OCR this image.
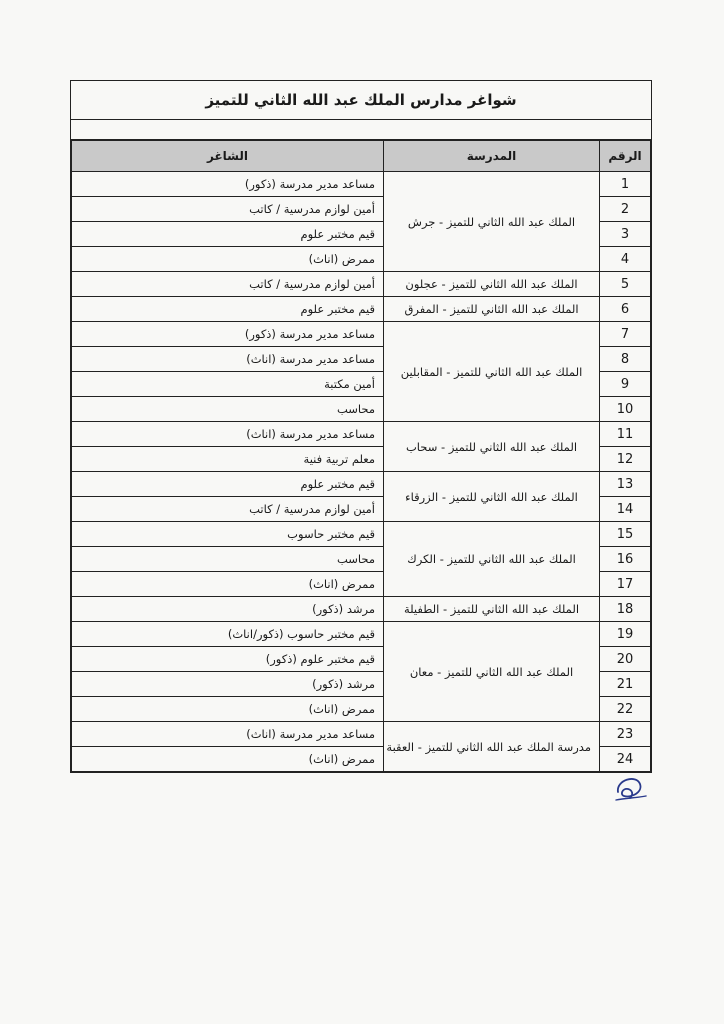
شواغر مدارس الملك عبد الله الثاني للتميز
الرقم	المدرسة	الشاغر
1	الملك عبد الله الثاني للتميز - جرش	مساعد مدير مدرسة (ذكور)
2		أمين لوازم مدرسية / كاتب
3		قيم مختبر علوم
4		ممرض (اناث)
5	الملك عبد الله الثاني للتميز - عجلون	أمين لوازم مدرسية / كاتب
6	الملك عبد الله الثاني للتميز - المفرق	قيم مختبر علوم
7	الملك عبد الله الثاني للتميز - المقابلين	مساعد مدير مدرسة (ذكور)
8		مساعد مدير مدرسة (اناث)
9		أمين مكتبة
10		محاسب
11	الملك عبد الله الثاني للتميز - سحاب	مساعد مدير مدرسة (اناث)
12		معلم تربية فنية
13	الملك عبد الله الثاني للتميز - الزرقاء	قيم مختبر علوم
14		أمين لوازم مدرسية / كاتب
15	الملك عبد الله الثاني للتميز - الكرك	قيم مختبر حاسوب
16		محاسب
17		ممرض (اناث)
18	الملك عبد الله الثاني للتميز - الطفيلة	مرشد (ذكور)
19	الملك عبد الله الثاني للتميز - معان	قيم مختبر حاسوب (ذكور/اناث)
20		قيم مختبر علوم (ذكور)
21		مرشد (ذكور)
22		ممرض (اناث)
23	مدرسة الملك عبد الله الثاني للتميز - العقبة	مساعد مدير مدرسة (اناث)
24		ممرض (اناث)
